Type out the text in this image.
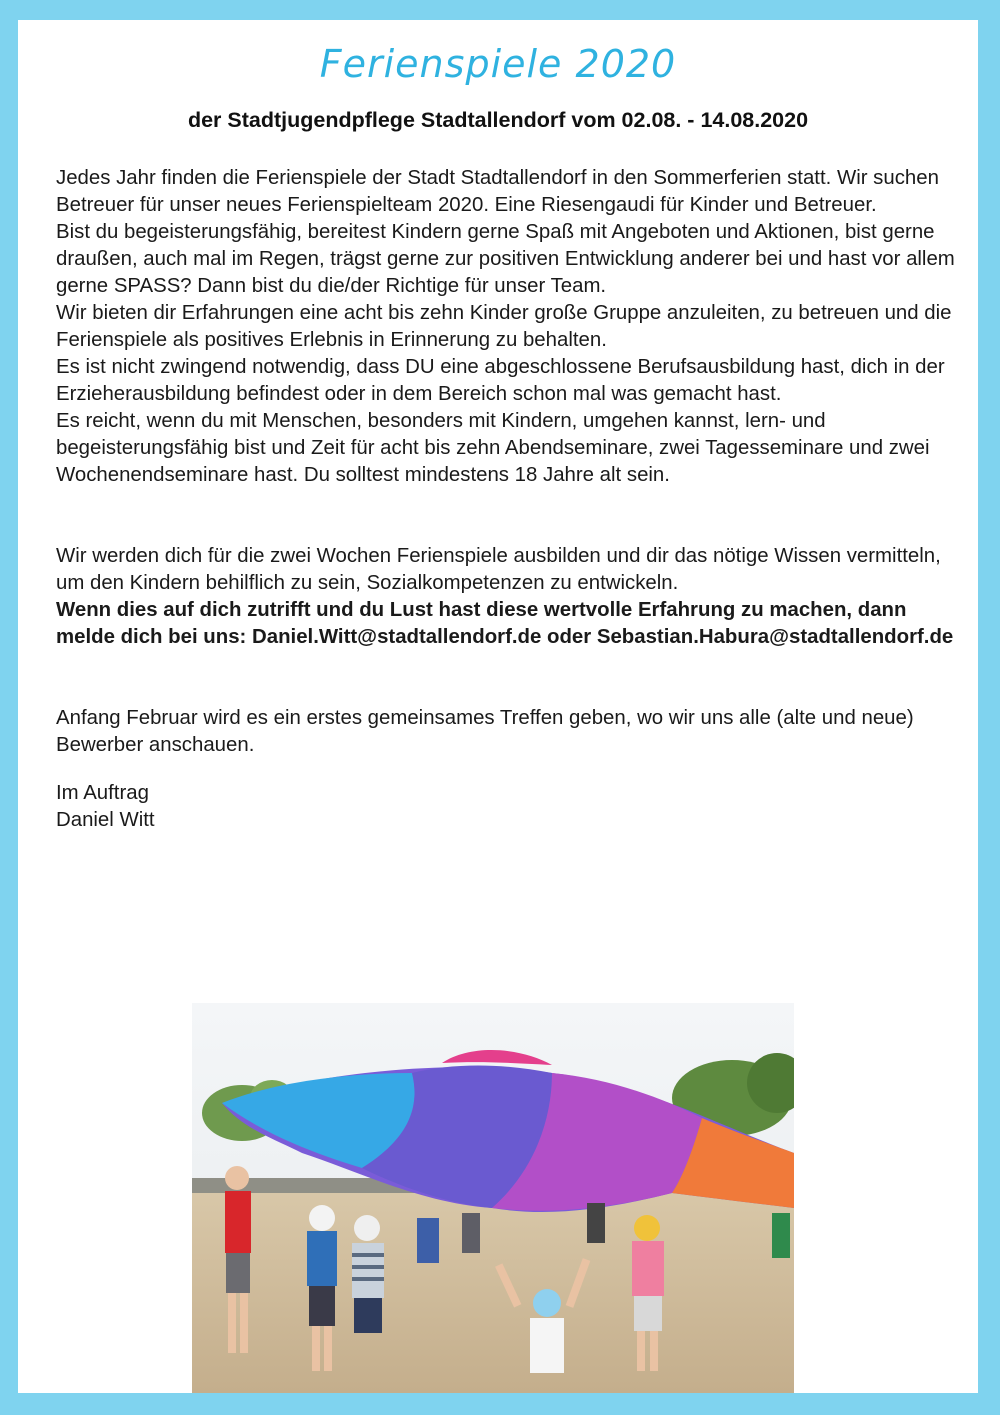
Ferienspiele 2020
der Stadtjugendpflege Stadtallendorf vom 02.08. - 14.08.2020

Jedes Jahr finden die Ferienspiele der Stadt Stadtallendorf in den Sommerferien statt. Wir suchen Betreuer für unser neues Ferienspielteam 2020. Eine Riesengaudi für Kinder und Betreuer.

Bist du begeisterungsfähig, bereitest Kindern gerne Spaß mit Angeboten und Aktionen, bist gerne draußen, auch mal im Regen, trägst gerne zur positiven Entwicklung anderer bei und hast vor allem gerne SPASS? Dann bist du die/der Richtige für unser Team.

Wir bieten dir Erfahrungen eine acht bis zehn Kinder große Gruppe anzuleiten, zu betreuen und die Ferienspiele als positives Erlebnis in Erinnerung zu behalten.

Es ist nicht zwingend notwendig, dass DU eine abgeschlossene Berufsausbildung hast, dich in der Erzieherausbildung befindest oder in dem Bereich schon mal was gemacht hast.

Es reicht, wenn du mit Menschen, besonders mit Kindern, umgehen kannst, lern- und begeisterungsfähig bist und Zeit für acht bis zehn Abendseminare, zwei Tagesseminare und zwei Wochenendseminare hast. Du solltest mindestens 18 Jahre alt sein.

Wir werden dich für die zwei Wochen Ferienspiele ausbilden und dir das nötige Wissen vermitteln, um den Kindern behilflich zu sein, Sozialkompetenzen zu entwickeln.

Wenn dies auf dich zutrifft und du Lust hast diese wertvolle Erfahrung zu machen, dann melde dich bei uns: Daniel.Witt@stadtallendorf.de oder Sebastian.Habura@stadtallendorf.de

Anfang Februar wird es ein erstes gemeinsames Treffen geben, wo wir uns alle (alte und neue) Bewerber anschauen.

Im Auftrag

Daniel Witt
